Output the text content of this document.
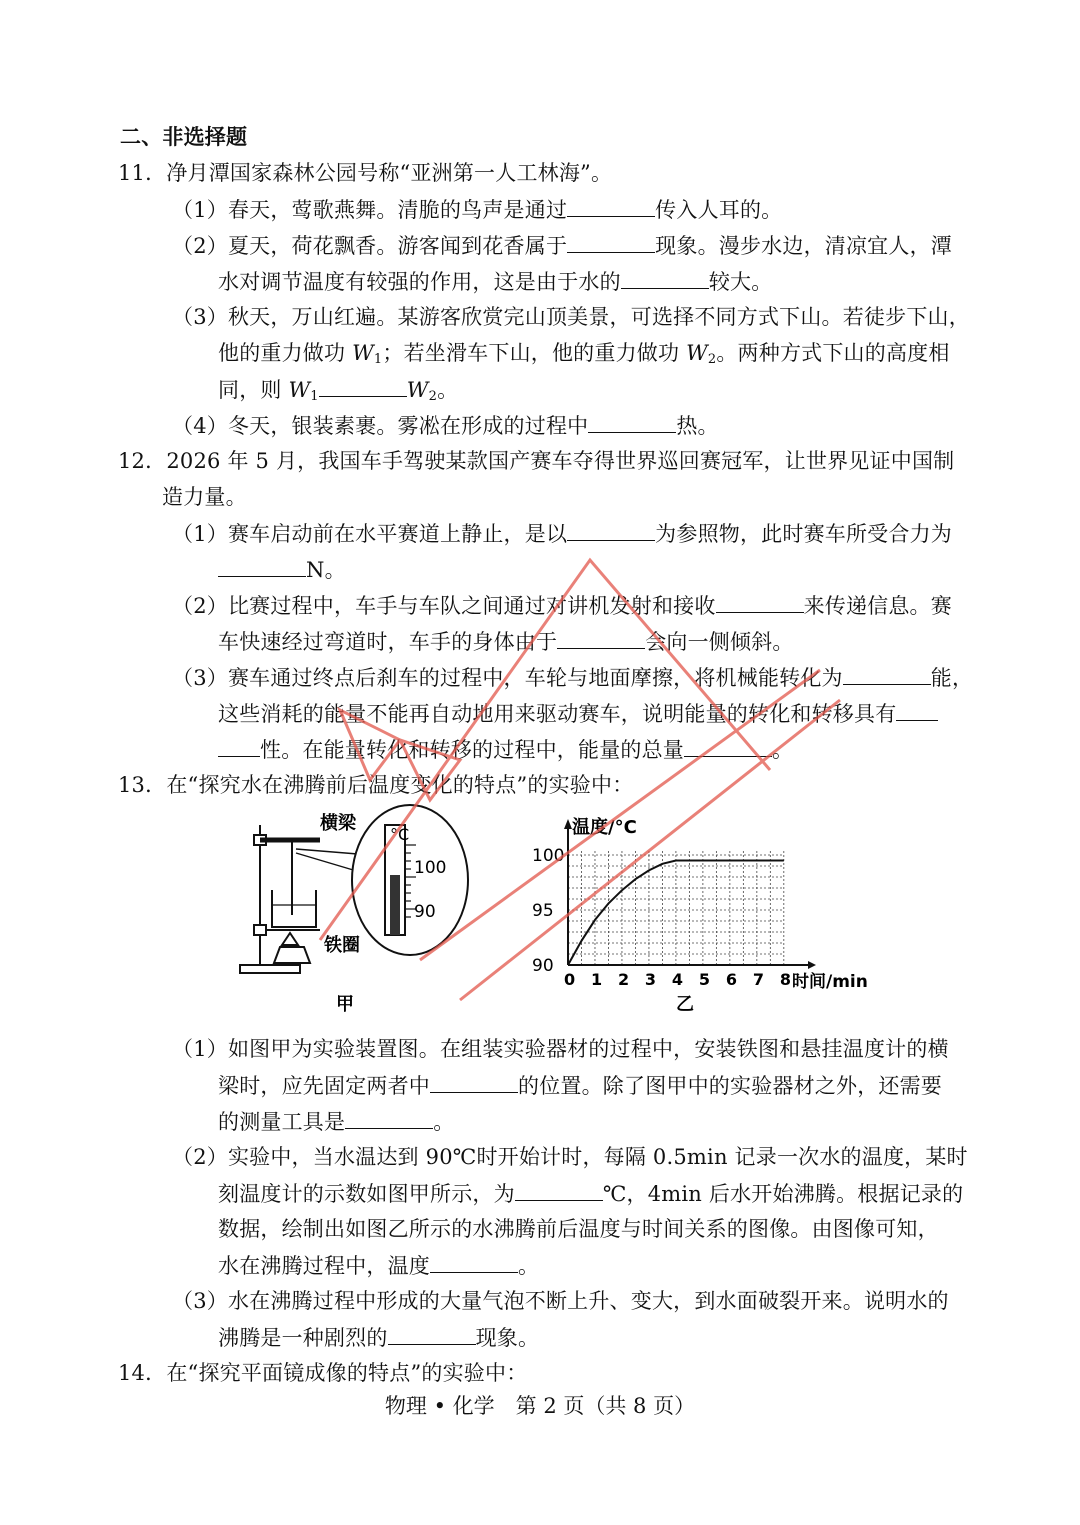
二、非选择题
11．净月潭国家森林公园号称“亚洲第一人工林海”。
（1）春天，莺歌燕舞。清脆的鸟声是通过	传入人耳的。
（2）夏天，荷花飘香。游客闻到花香属于	现象。漫步水边，清凉宜人，潭
水对调节温度有较强的作用，这是由于水的	较大。
（3）秋天，万山红遍。某游客欣赏完山顶美景，可选择不同方式下山。若徒步下山，
他的重力做功 $W_1$；若坐滑车下山，他的重力做功 $W_2$。两种方式下山的高度相
同，则 $W_1$	$W_2$。
（4）冬天，银装素裹。雾凇在形成的过程中	热。
12．2026 年 5 月，我国车手驾驶某款国产赛车夺得世界巡回赛冠军，让世界见证中国制
造力量。
（1）赛车启动前在水平赛道上静止，是以	为参照物，此时赛车所受合力为
N。
（2）比赛过程中，车手与车队之间通过对讲机发射和接收	来传递信息。赛
车快速经过弯道时，车手的身体由于	会向一侧倾斜。
（3）赛车通过终点后刹车的过程中，车轮与地面摩擦，将机械能转化为	能，
这些消耗的能量不能再自动地用来驱动赛车，说明能量的转化和转移具有
性。在能量转化和转移的过程中，能量的总量	。
13．在“探究水在沸腾前后温度变化的特点”的实验中：
横梁
°C
100
90
铁圈
甲
0 1 2 3 4 5 6 7 8
90
95
100
温度/°C
时间/min
乙
（1）如图甲为实验装置图。在组装实验器材的过程中，安装铁图和悬挂温度计的横
梁时，应先固定两者中	的位置。除了图甲中的实验器材之外，还需要
的测量工具是	。
（2）实验中，当水温达到 90℃时开始计时，每隔 0.5min 记录一次水的温度，某时
刻温度计的示数如图甲所示，为	℃，4min 后水开始沸腾。根据记录的
数据，绘制出如图乙所示的水沸腾前后温度与时间关系的图像。由图像可知，
水在沸腾过程中，温度	。
（3）水在沸腾过程中形成的大量气泡不断上升、变大，到水面破裂开来。说明水的
沸腾是一种剧烈的	现象。
14．在“探究平面镜成像的特点”的实验中：
物理 • 化学　第 2 页（共 8 页）
